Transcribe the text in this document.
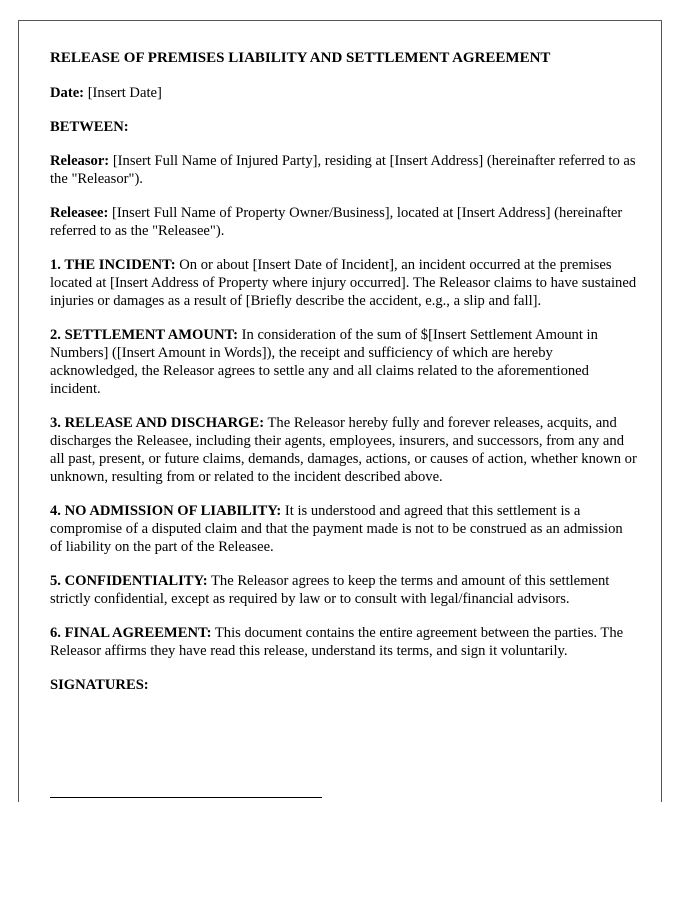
RELEASE OF PREMISES LIABILITY AND SETTLEMENT AGREEMENT
Date: [Insert Date]
BETWEEN:
Releasor: [Insert Full Name of Injured Party], residing at [Insert Address] (hereinafter referred to as the "Releasor").
Releasee: [Insert Full Name of Property Owner/Business], located at [Insert Address] (hereinafter referred to as the "Releasee").
1. THE INCIDENT: On or about [Insert Date of Incident], an incident occurred at the premises located at [Insert Address of Property where injury occurred]. The Releasor claims to have sustained injuries or damages as a result of [Briefly describe the accident, e.g., a slip and fall].
2. SETTLEMENT AMOUNT: In consideration of the sum of $[Insert Settlement Amount in Numbers] ([Insert Amount in Words]), the receipt and sufficiency of which are hereby acknowledged, the Releasor agrees to settle any and all claims related to the aforementioned incident.
3. RELEASE AND DISCHARGE: The Releasor hereby fully and forever releases, acquits, and discharges the Releasee, including their agents, employees, insurers, and successors, from any and all past, present, or future claims, demands, damages, actions, or causes of action, whether known or unknown, resulting from or related to the incident described above.
4. NO ADMISSION OF LIABILITY: It is understood and agreed that this settlement is a compromise of a disputed claim and that the payment made is not to be construed as an admission of liability on the part of the Releasee.
5. CONFIDENTIALITY: The Releasor agrees to keep the terms and amount of this settlement strictly confidential, except as required by law or to consult with legal/financial advisors.
6. FINAL AGREEMENT: This document contains the entire agreement between the parties. The Releasor affirms they have read this release, understand its terms, and sign it voluntarily.
SIGNATURES:
